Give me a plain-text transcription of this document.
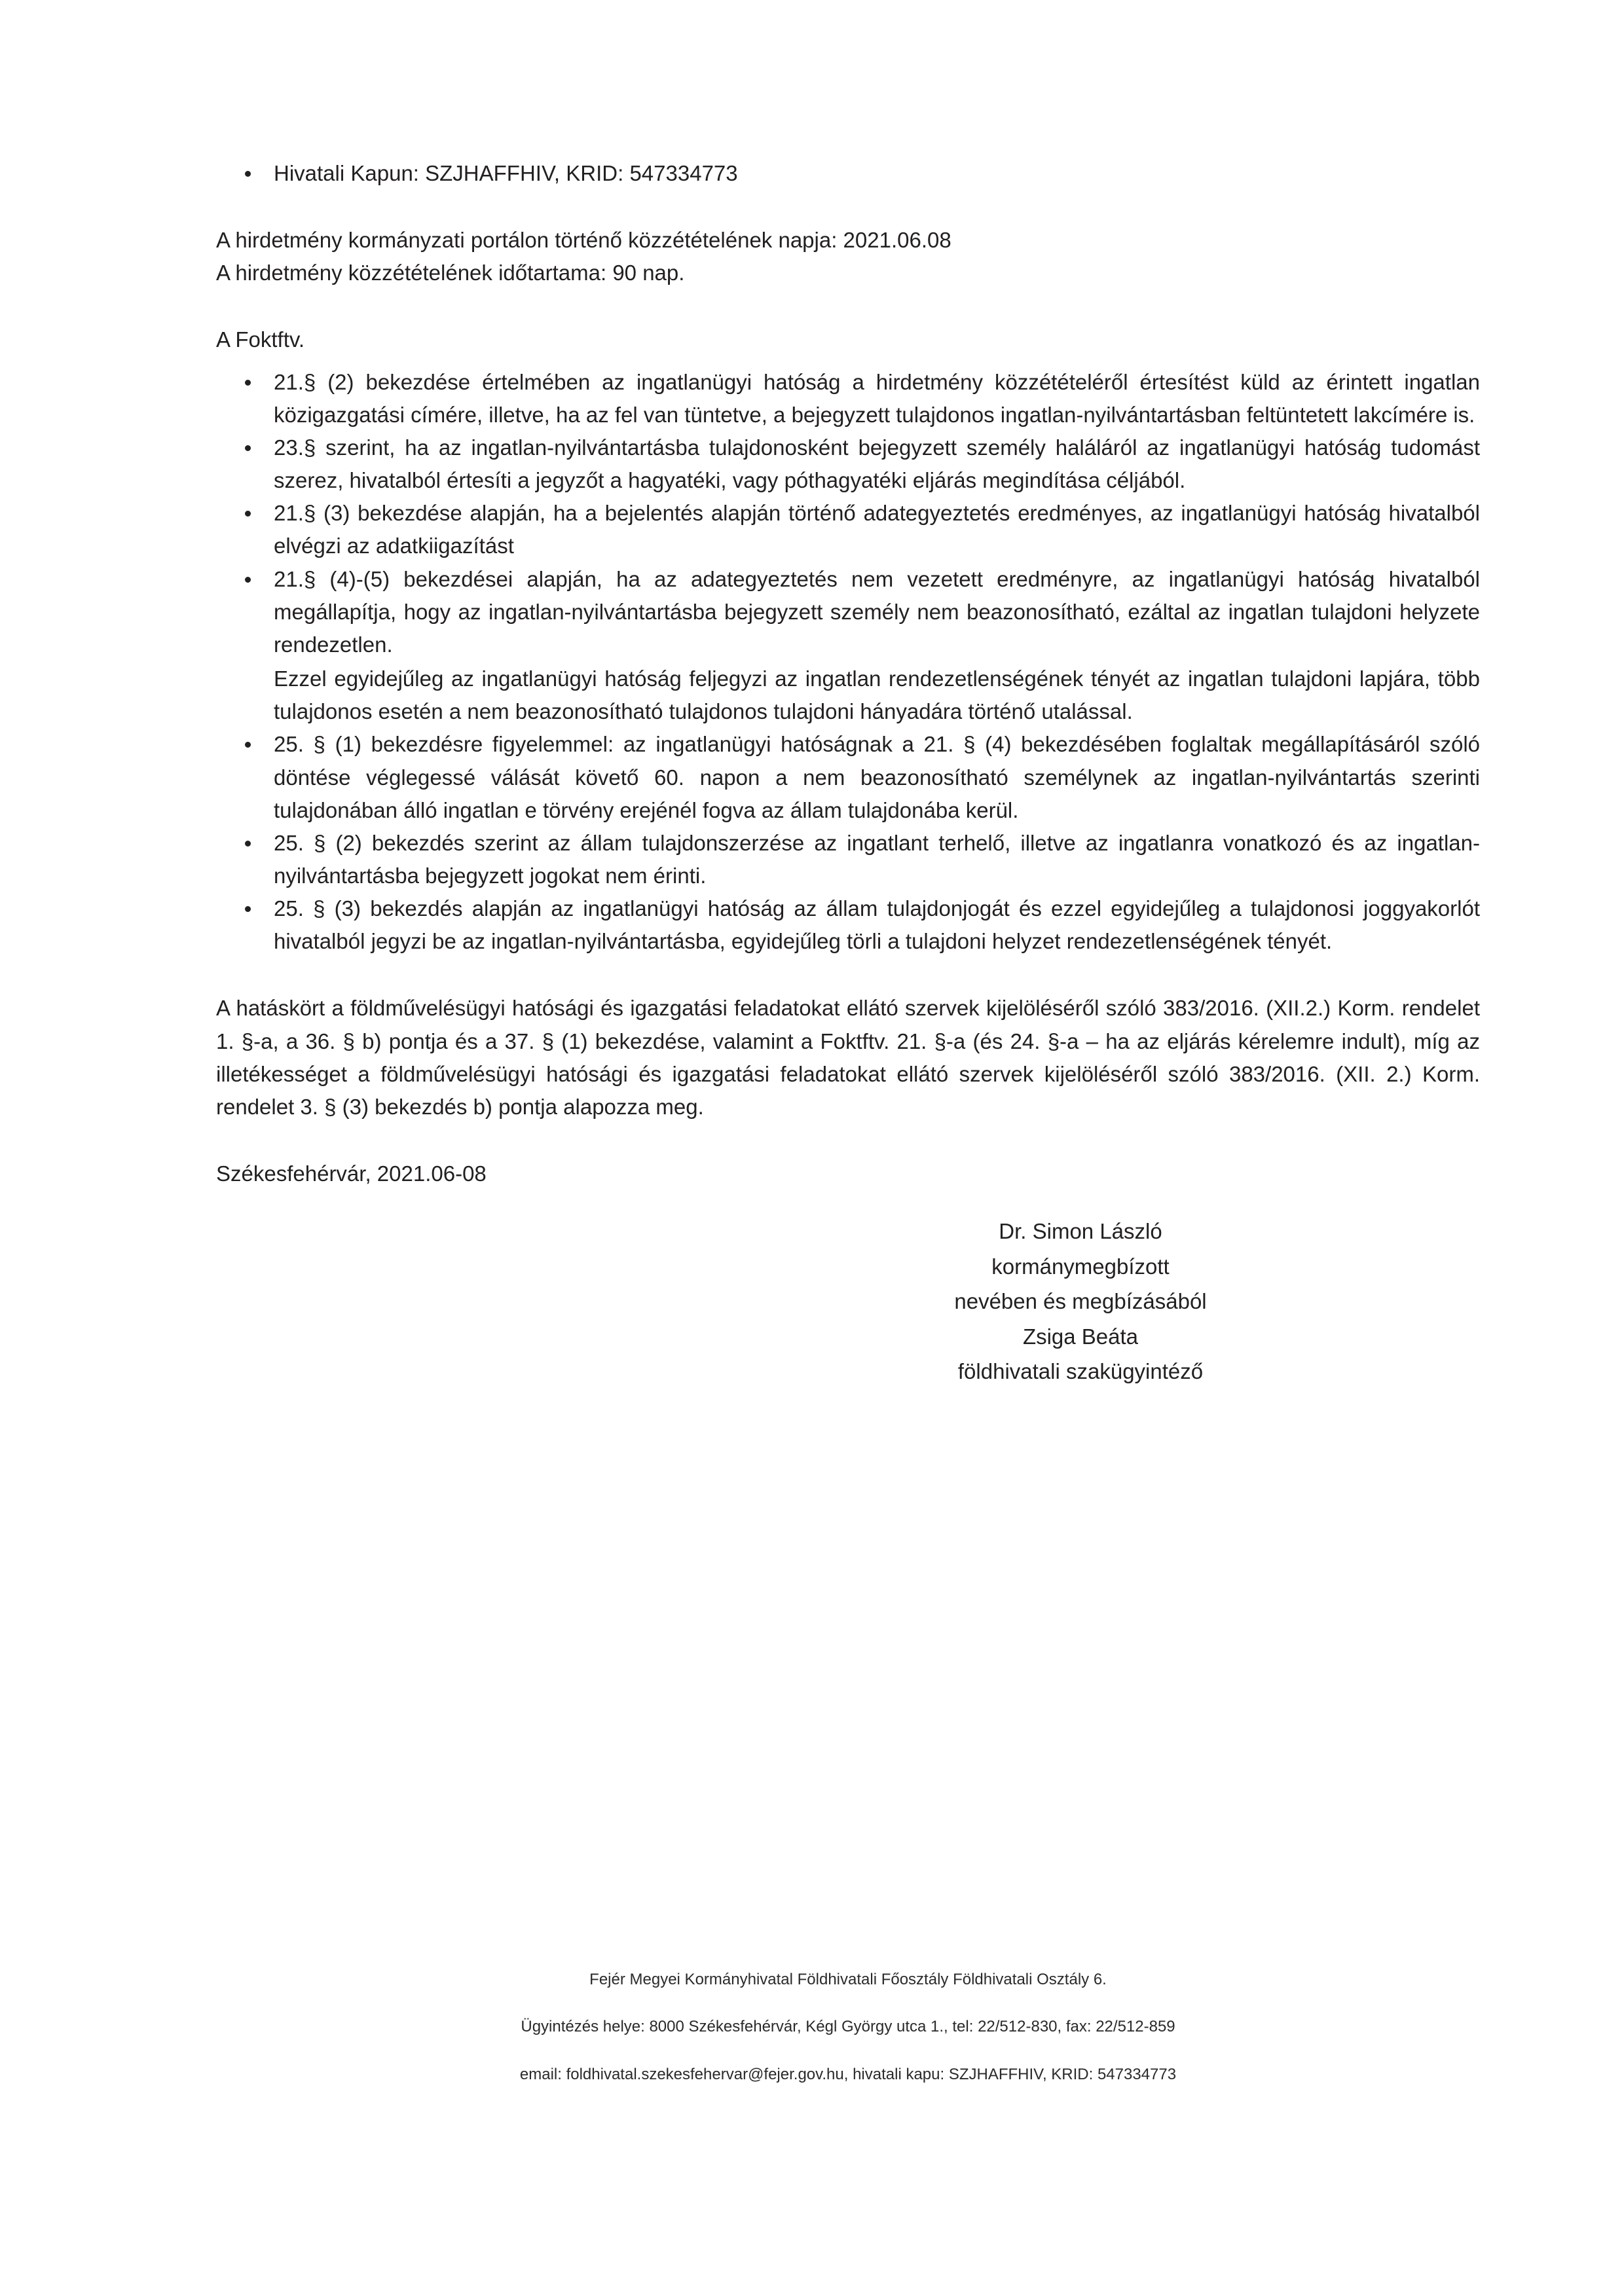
Hivatali Kapun: SZJHAFFHIV, KRID: 547334773

A hirdetmény kormányzati portálon történő közzétételének napja: 2021.06.08

A hirdetmény közzétételének időtartama: 90 nap.

A Foktftv.

21.§ (2) bekezdése értelmében az ingatlanügyi hatóság a hirdetmény közzétételéről értesítést küld az érintett ingatlan közigazgatási címére, illetve, ha az fel van tüntetve, a bejegyzett tulajdonos ingatlan-nyilvántartásban feltüntetett lakcímére is.
23.§ szerint, ha az ingatlan-nyilvántartásba tulajdonosként bejegyzett személy haláláról az ingatlanügyi hatóság tudomást szerez, hivatalból értesíti a jegyzőt a hagyatéki, vagy póthagyatéki eljárás megindítása céljából.
21.§ (3) bekezdése alapján, ha a bejelentés alapján történő adategyeztetés eredményes, az ingatlanügyi hatóság hivatalból elvégzi az adatkiigazítást
21.§ (4)-(5) bekezdései alapján, ha az adategyeztetés nem vezetett eredményre, az ingatlanügyi hatóság hivatalból megállapítja, hogy az ingatlan-nyilvántartásba bejegyzett személy nem beazonosítható, ezáltal az ingatlan tulajdoni helyzete rendezetlen.
Ezzel egyidejűleg az ingatlanügyi hatóság feljegyzi az ingatlan rendezetlenségének tényét az ingatlan tulajdoni lapjára, több tulajdonos esetén a nem beazonosítható tulajdonos tulajdoni hányadára történő utalással.
25. § (1) bekezdésre figyelemmel: az ingatlanügyi hatóságnak a 21. § (4) bekezdésében foglaltak megállapításáról szóló döntése véglegessé válását követő 60. napon a nem beazonosítható személynek az ingatlan-nyilvántartás szerinti tulajdonában álló ingatlan e törvény erejénél fogva az állam tulajdonába kerül.
25. § (2) bekezdés szerint az állam tulajdonszerzése az ingatlant terhelő, illetve az ingatlanra vonatkozó és az ingatlan-nyilvántartásba bejegyzett jogokat nem érinti.
25. § (3) bekezdés alapján az ingatlanügyi hatóság az állam tulajdonjogát és ezzel egyidejűleg a tulajdonosi joggyakorlót hivatalból jegyzi be az ingatlan-nyilvántartásba, egyidejűleg törli a tulajdoni helyzet rendezetlenségének tényét.

A hatáskört a földművelésügyi hatósági és igazgatási feladatokat ellátó szervek kijelöléséről szóló 383/2016. (XII.2.) Korm. rendelet 1. §-a, a 36. § b) pontja és a 37. § (1) bekezdése, valamint a Foktftv. 21. §-a (és 24. §-a – ha az eljárás kérelemre indult), míg az illetékességet a földművelésügyi hatósági és igazgatási feladatokat ellátó szervek kijelöléséről szóló 383/2016. (XII. 2.) Korm. rendelet 3. § (3) bekezdés b) pontja alapozza meg.

Székesfehérvár, 2021.06-08

Dr. Simon László
kormánymegbízott
nevében és megbízásából
Zsiga Beáta
földhivatali szakügyintéző
Fejér Megyei Kormányhivatal Földhivatali Főosztály Földhivatali Osztály 6.
Ügyintézés helye: 8000 Székesfehérvár, Kégl György utca 1., tel: 22/512-830, fax: 22/512-859
email: foldhivatal.szekesfehervar@fejer.gov.hu, hivatali kapu: SZJHAFFHIV, KRID: 547334773
